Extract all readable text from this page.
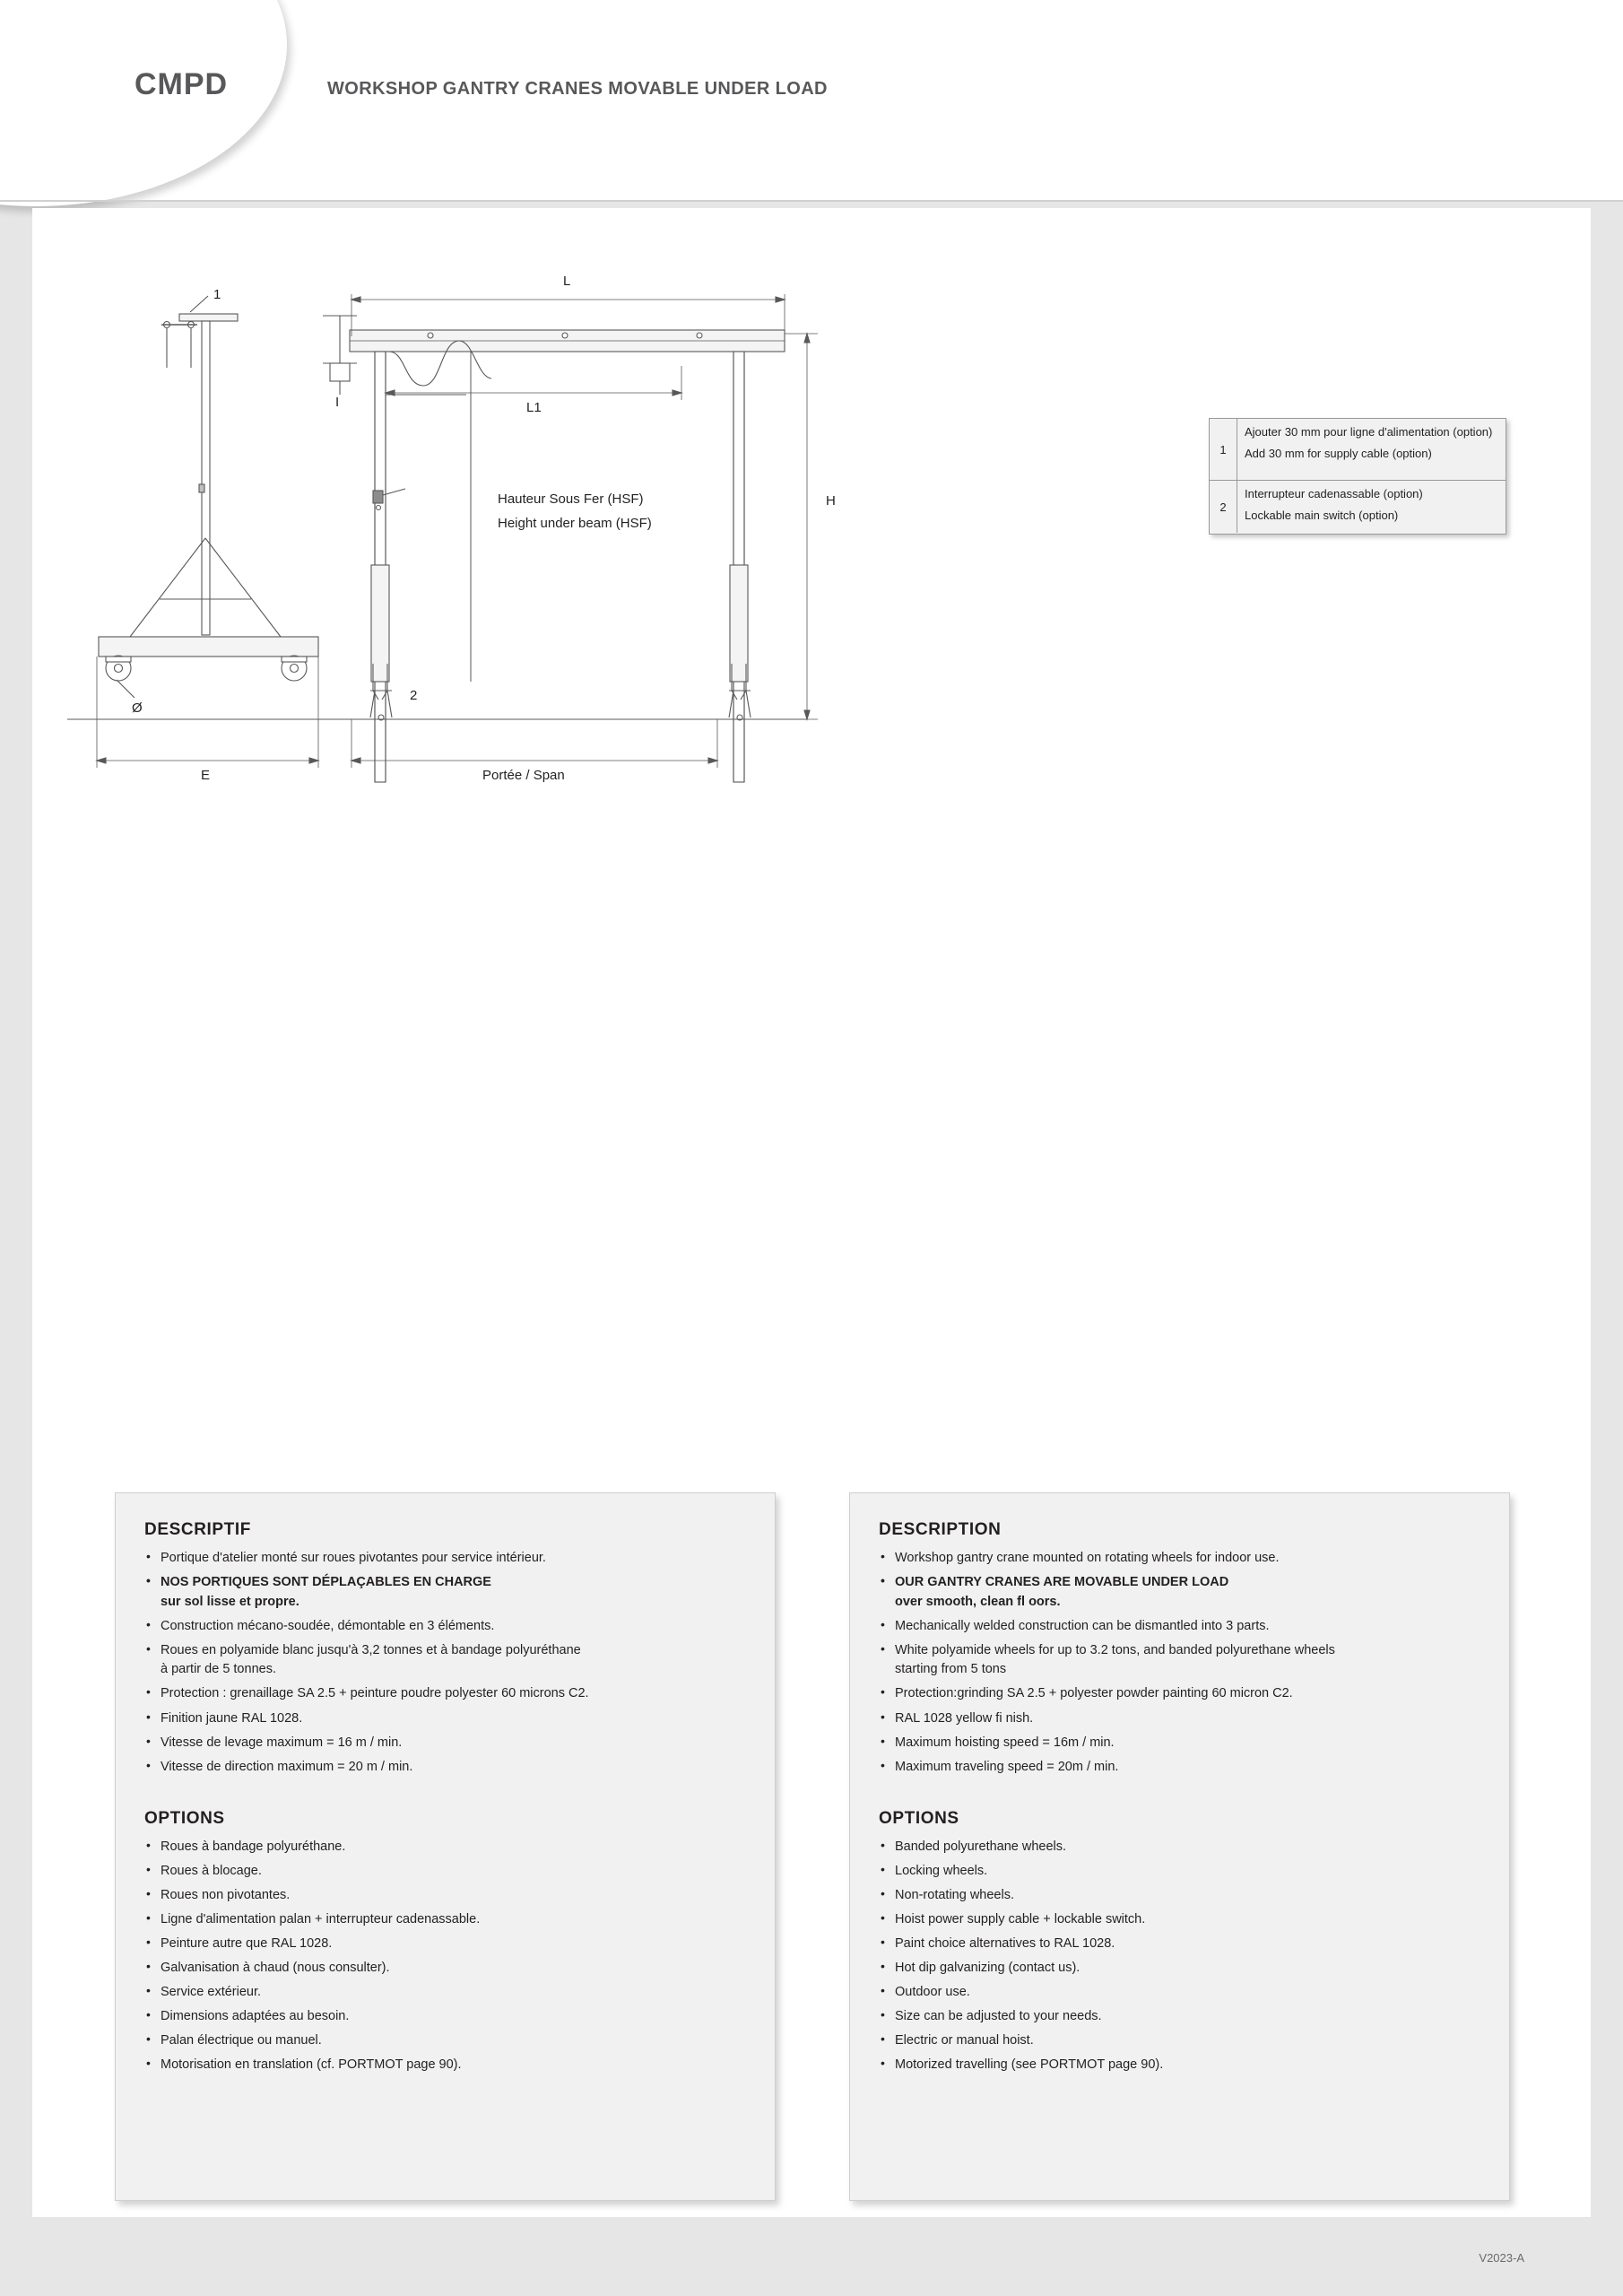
CMPD	WORKSHOP GANTRY CRANES MOVABLE UNDER LOAD
1
2
L
L1
H
E
Ø
I
Portée / Span
Hauteur Sous Fer (HSF)
Height under beam (HSF)
1
Ajouter 30 mm pour ligne d'alimentation (option)
Add 30 mm for supply cable (option)
2
Interrupteur cadenassable (option)
Lockable main switch (option)
DESCRIPTIF
• Portique d'atelier monté sur roues pivotantes pour service intérieur.
• NOS PORTIQUES SONT DÉPLAÇABLES EN CHARGE
sur sol lisse et propre.
• Construction mécano-soudée, démontable en 3 éléments.
• Roues en polyamide blanc jusqu'à 3,2 tonnes et à bandage polyuréthane
à partir de 5 tonnes.
• Protection : grenaillage SA 2.5 + peinture poudre polyester 60 microns C2.
• Finition jaune RAL 1028.
• Vitesse de levage maximum = 16 m / min.
• Vitesse de direction maximum = 20 m / min.
OPTIONS
• Roues à bandage polyuréthane.
• Roues à blocage.
• Roues non pivotantes.
• Ligne d'alimentation palan + interrupteur cadenassable.
• Peinture autre que RAL 1028.
• Galvanisation à chaud (nous consulter).
• Service extérieur.
• Dimensions adaptées au besoin.
• Palan électrique ou manuel.
• Motorisation en translation (cf. PORTMOT page 90).
DESCRIPTION
• Workshop gantry crane mounted on rotating wheels for indoor use.
• OUR GANTRY CRANES ARE MOVABLE UNDER LOAD
over smooth, clean fl oors.
• Mechanically welded construction can be dismantled into 3 parts.
• White polyamide wheels for up to 3.2 tons, and banded polyurethane wheels
starting from 5 tons
• Protection:grinding SA 2.5 + polyester powder painting 60 micron C2.
• RAL 1028 yellow fi nish.
• Maximum hoisting speed = 16m / min.
• Maximum traveling speed = 20m / min.
OPTIONS
• Banded polyurethane wheels.
• Locking wheels.
• Non-rotating wheels.
• Hoist power supply cable + lockable switch.
• Paint choice alternatives to RAL 1028.
• Hot dip galvanizing (contact us).
• Outdoor use.
• Size can be adjusted to your needs.
• Electric or manual hoist.
• Motorized travelling (see PORTMOT page 90).
V2023-A
